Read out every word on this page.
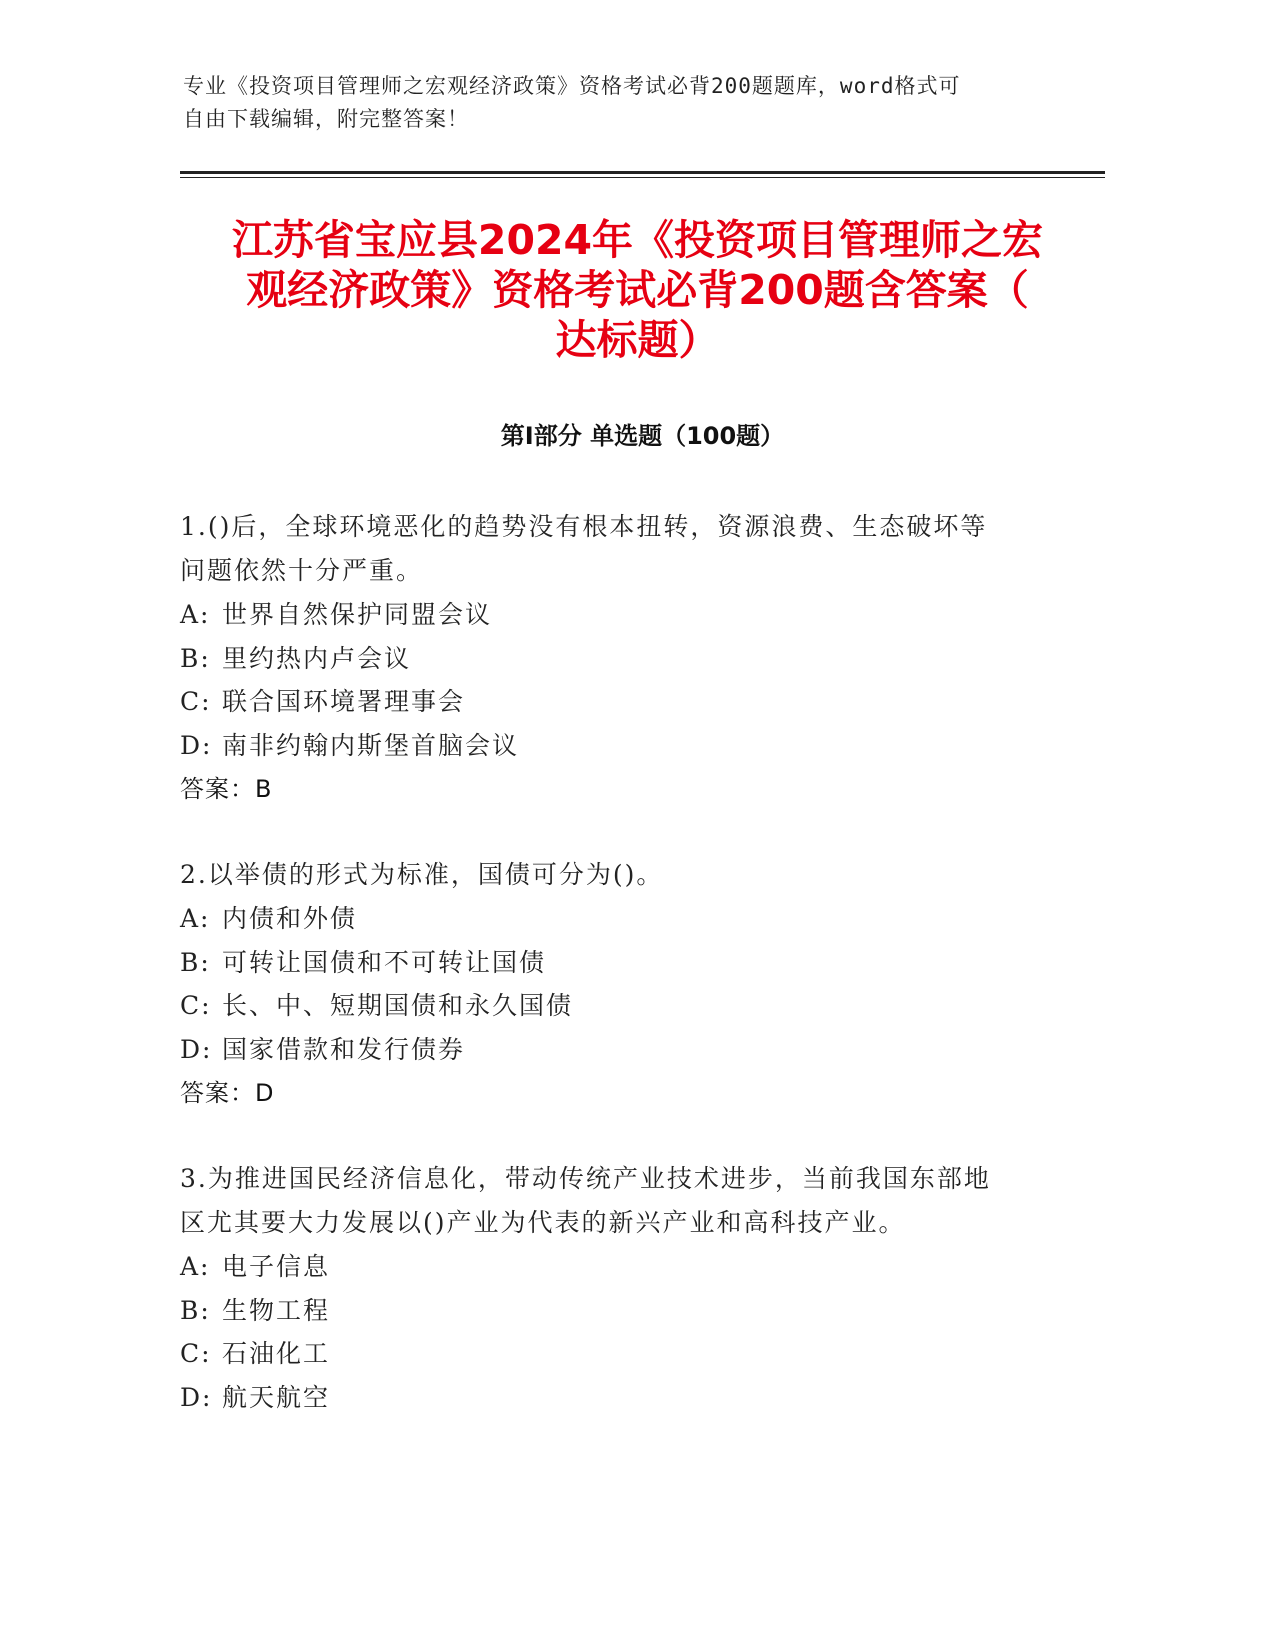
专业《投资项目管理师之宏观经济政策》资格考试必背200题题库，word格式可
自由下载编辑，附完整答案！
江苏省宝应县2024年《投资项目管理师之宏
观经济政策》资格考试必背200题含答案（
达标题）
第I部分 单选题（100题）

1.()后，全球环境恶化的趋势没有根本扭转，资源浪费、生态破坏等

问题依然十分严重。

A: 世界自然保护同盟会议

B: 里约热内卢会议

C: 联合国环境署理事会

D: 南非约翰内斯堡首脑会议

答案：B

2.以举债的形式为标准，国债可分为()。

A: 内债和外债

B: 可转让国债和不可转让国债

C: 长、中、短期国债和永久国债

D: 国家借款和发行债券

答案：D

3.为推进国民经济信息化，带动传统产业技术进步，当前我国东部地

区尤其要大力发展以()产业为代表的新兴产业和高科技产业。

A: 电子信息

B: 生物工程

C: 石油化工

D: 航天航空
